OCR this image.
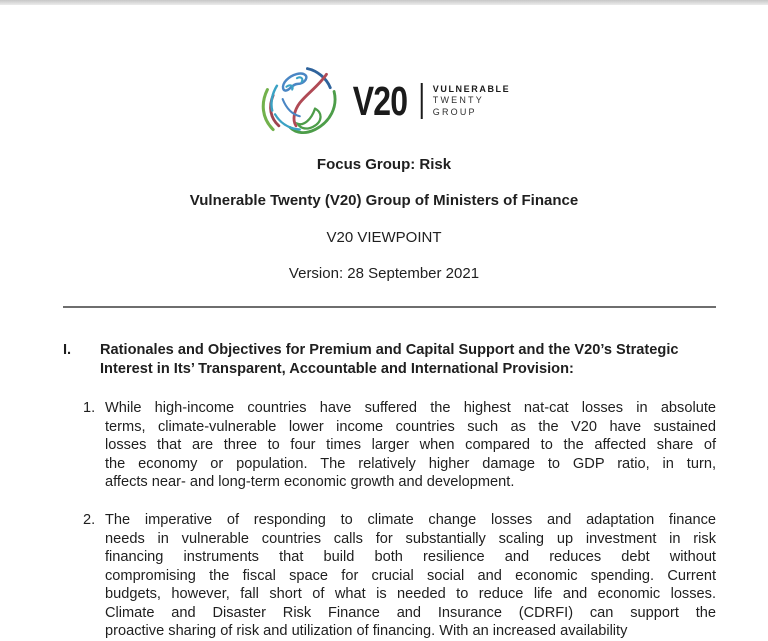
V20	VULNERABLE
TWENTY
GROUP
Focus Group: Risk
Vulnerable Twenty (V20) Group of Ministers of Finance
V20 VIEWPOINT
Version: 28 September 2021
I.	Rationales and Objectives for Premium and Capital Support and the V20’s Strategic Interest in Its’ Transparent, Accountable and International Provision:
1. While high-income countries have suffered the highest nat-cat losses in absolute
terms, climate-vulnerable lower income countries such as the V20 have sustained
losses that are three to four times larger when compared to the affected share of
the economy or population. The relatively higher damage to GDP ratio, in turn,
affects near- and long-term economic growth and development.
2. The imperative of responding to climate change losses and adaptation finance
needs in vulnerable countries calls for substantially scaling up investment in risk
financing instruments that build both resilience and reduces debt without
compromising the fiscal space for crucial social and economic spending. Current
budgets, however, fall short of what is needed to reduce life and economic losses.
Climate and Disaster Risk Finance and Insurance (CDRFI) can support the
proactive sharing of risk and utilization of financing. With an increased availability
